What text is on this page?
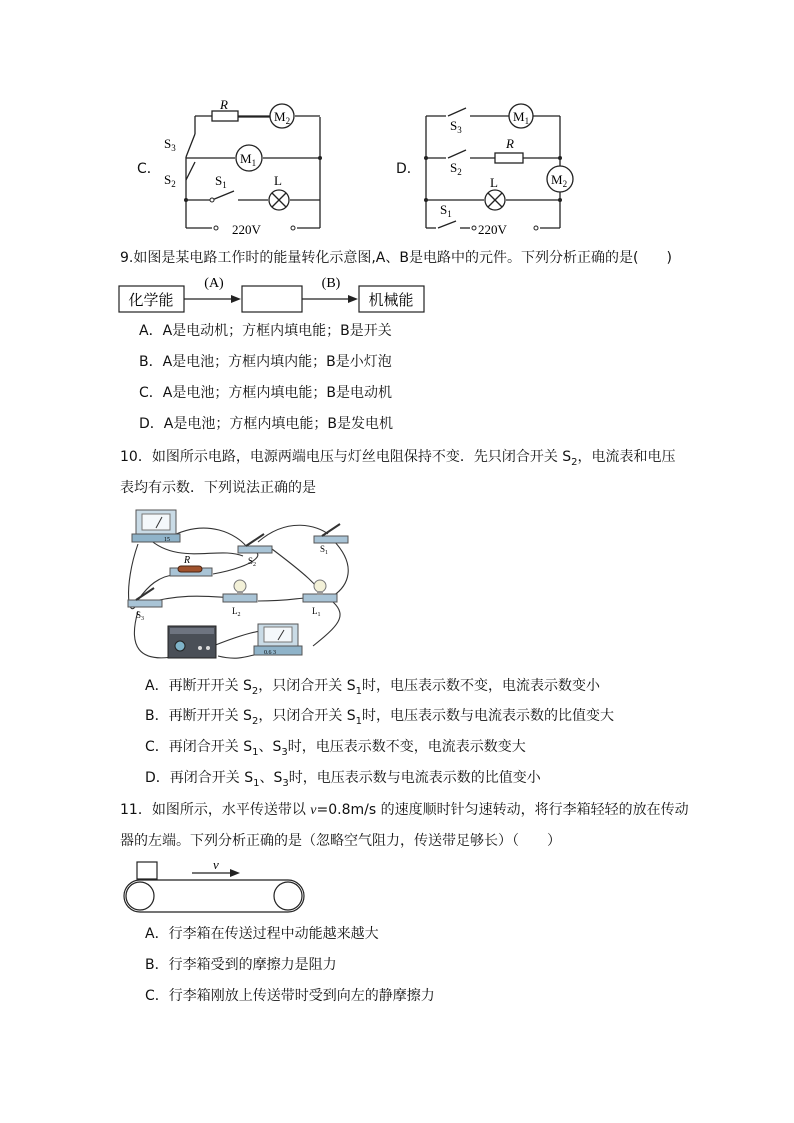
C．
R
$M_2$
$M_1$
$S_3$
$S_2$	$S_1$	L
220V
D．
R
$M_1$
$M_2$
$S_3$
$S_2$
L
$S_1$
220V
9.如图是某电路工作时的能量转化示意图,A、B是电路中的元件。下列分析正确的是(　　)
化学能
(A)	(B)
机械能
A．A是电动机；方框内填电能；B是开关
B．A是电池；方框内填内能；B是小灯泡
C．A是电池；方框内填电能；B是电动机
D．A是电池；方框内填电能；B是发电机
10．如图所示电路，电源两端电压与灯丝电阻保持不变．先只闭合开关 $S_2$，电流表和电压
表均有示数．下列说法正确的是
15
R	$S_2$
$S_1$
$S_3$
$L_2$	$L_1$
0.6 3
A．再断开开关 $S_2$，只闭合开关 $S_1$时，电压表示数不变，电流表示数变小
B．再断开开关 $S_2$，只闭合开关 $S_1$时，电压表示数与电流表示数的比值变大
C．再闭合开关 $S_1$、$S_3$时，电压表示数不变，电流表示数变大
D．再闭合开关 $S_1$、$S_3$时，电压表示数与电流表示数的比值变小
11．如图所示，水平传送带以 v=0.8m/s 的速度顺时针匀速转动，将行李箱轻轻的放在传动
器的左端。下列分析正确的是（忽略空气阻力，传送带足够长）（　　）
v
A．行李箱在传送过程中动能越来越大
B．行李箱受到的摩擦力是阻力
C．行李箱刚放上传送带时受到向左的静摩擦力
